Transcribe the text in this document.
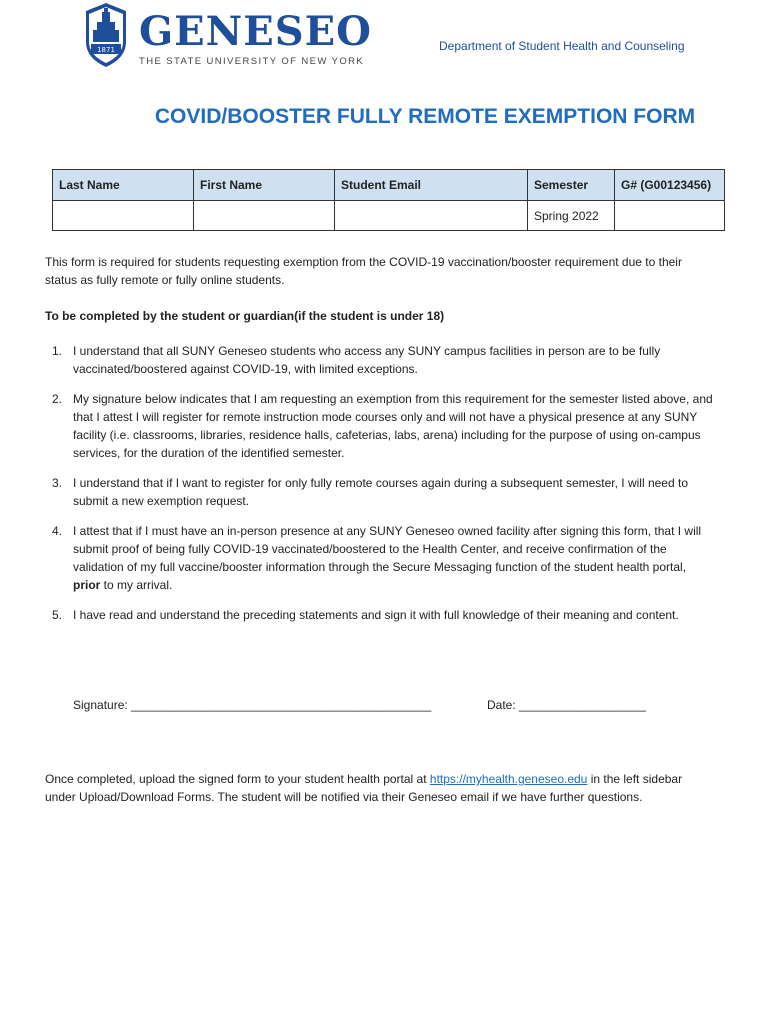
1871 GENESEO
THE STATE UNIVERSITY OF NEW YORK
Department of Student Health and Counseling
COVID/BOOSTER FULLY REMOTE EXEMPTION FORM
Last Name	First Name	Student Email	Semester	G# (G00123456)
			Spring 2022	

This form is required for students requesting exemption from the COVID-19 vaccination/booster requirement due to their status as fully remote or fully online students.

To be completed by the student or guardian(if the student is under 18)

1. I understand that all SUNY Geneseo students who access any SUNY campus facilities in person are to be fully vaccinated/boostered against COVID-19, with limited exceptions.
2. My signature below indicates that I am requesting an exemption from this requirement for the semester listed above, and that I attest I will register for remote instruction mode courses only and will not have a physical presence at any SUNY facility (i.e. classrooms, libraries, residence halls, cafeterias, labs, arena) including for the purpose of using on-campus services, for the duration of the identified semester.
3. I understand that if I want to register for only fully remote courses again during a subsequent semester, I will need to submit a new exemption request.
4. I attest that if I must have an in-person presence at any SUNY Geneseo owned facility after signing this form, that I will submit proof of being fully COVID-19 vaccinated/boostered to the Health Center, and receive confirmation of the validation of my full vaccine/booster information through the Secure Messaging function of the student health portal, prior to my arrival.
5. I have read and understand the preceding statements and sign it with full knowledge of their meaning and content.
Signature: _____________________________________________	Date: ___________________

Once completed, upload the signed form to your student health portal at https://myhealth.geneseo.edu in the left sidebar under Upload/Download Forms. The student will be notified via their Geneseo email if we have further questions.
